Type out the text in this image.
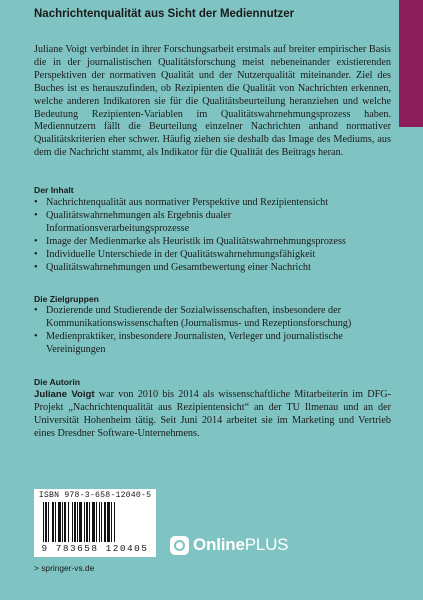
Nachrichtenqualität aus Sicht der Mediennutzer
Juliane Voigt verbindet in ihrer Forschungsarbeit erstmals auf breiter empirischer Basis die in der journalistischen Qualitätsforschung meist nebeneinander existierenden Perspektiven der normativen Qualität und der Nutzerqualität miteinander. Ziel des Buches ist es herauszufinden, ob Rezipienten die Qualität von Nachrichten erkennen, welche anderen Indikatoren sie für die Qualitätsbeurteilung heranziehen und welche Bedeutung Rezipienten-Variablen im Qualitätswahrnehmungsprozess haben. Mediennutzern fällt die Beurteilung einzelner Nachrichten anhand normativer Qualitätskriterien eher schwer. Häufig ziehen sie deshalb das Image des Mediums, aus dem die Nachricht stammt, als Indikator für die Qualität des Beitrags heran.
Der Inhalt
• Nachrichtenqualität aus normativer Perspektive und Rezipientensicht
• Qualitätswahrnehmungen als Ergebnis dualer Informationsverarbeitungsprozesse
• Image der Medienmarke als Heuristik im Qualitätswahrnehmungsprozess
• Individuelle Unterschiede in der Qualitätswahrnehmungsfähigkeit
• Qualitätswahrnehmungen und Gesamtbewertung einer Nachricht
Die Zielgruppen
• Dozierende und Studierende der Sozialwissenschaften, insbesondere der Kommunikationswissenschaften (Journalismus- und Rezeptionsforschung)
• Medienpraktiker, insbesondere Journalisten, Verleger und journalistische Vereinigungen
Die Autorin
Juliane Voigt war von 2010 bis 2014 als wissenschaftliche Mitarbeiterin im DFG-Projekt „Nachrichtenqualität aus Rezipientensicht“ an der TU Ilmenau und an der Universität Hohenheim tätig. Seit Juni 2014 arbeitet sie im Marketing und Vertrieb eines Dresdner Software-Unternehmens.
ISBN 978-3-658-12040-5
9 783658 120405	OnlinePLUS
> springer-vs.de
